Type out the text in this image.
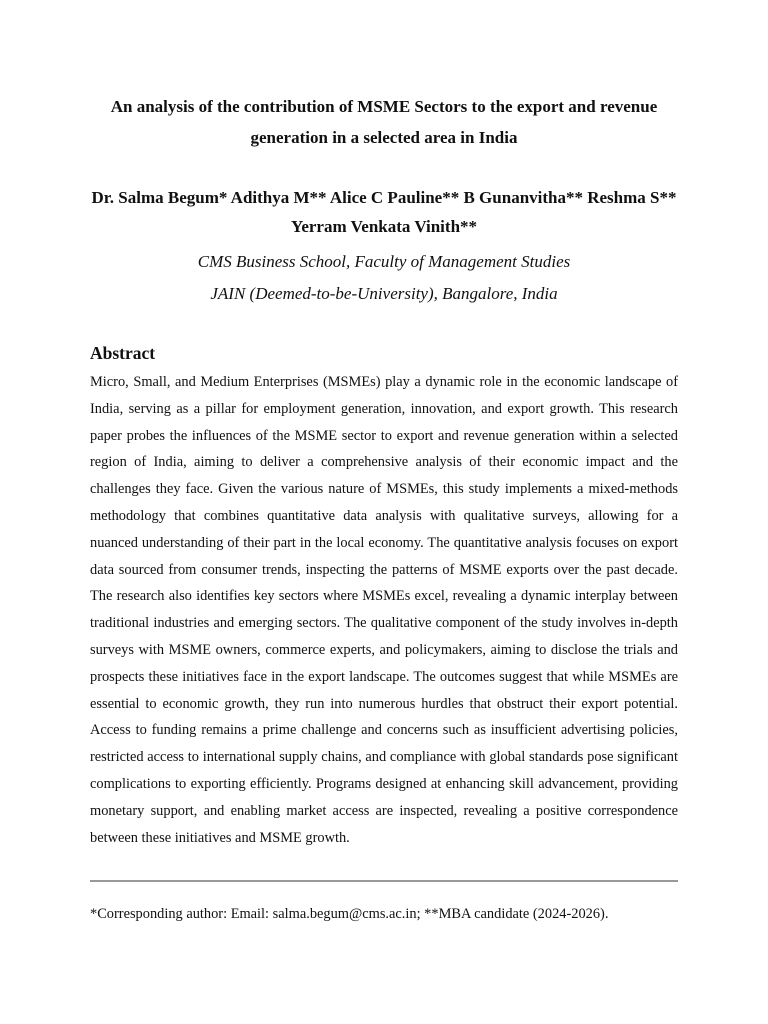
An analysis of the contribution of MSME Sectors to the export and revenue generation in a selected area in India
Dr. Salma Begum* Adithya M** Alice C Pauline** B Gunanvitha** Reshma S** Yerram Venkata Vinith**
CMS Business School, Faculty of Management Studies
JAIN (Deemed-to-be-University), Bangalore, India
Abstract
Micro, Small, and Medium Enterprises (MSMEs) play a dynamic role in the economic landscape of India, serving as a pillar for employment generation, innovation, and export growth. This research paper probes the influences of the MSME sector to export and revenue generation within a selected region of India, aiming to deliver a comprehensive analysis of their economic impact and the challenges they face. Given the various nature of MSMEs, this study implements a mixed-methods methodology that combines quantitative data analysis with qualitative surveys, allowing for a nuanced understanding of their part in the local economy. The quantitative analysis focuses on export data sourced from consumer trends, inspecting the patterns of MSME exports over the past decade. The research also identifies key sectors where MSMEs excel, revealing a dynamic interplay between traditional industries and emerging sectors. The qualitative component of the study involves in-depth surveys with MSME owners, commerce experts, and policymakers, aiming to disclose the trials and prospects these initiatives face in the export landscape. The outcomes suggest that while MSMEs are essential to economic growth, they run into numerous hurdles that obstruct their export potential. Access to funding remains a prime challenge and concerns such as insufficient advertising policies, restricted access to international supply chains, and compliance with global standards pose significant complications to exporting efficiently. Programs designed at enhancing skill advancement, providing monetary support, and enabling market access are inspected, revealing a positive correspondence between these initiatives and MSME growth.
*Corresponding author: Email: salma.begum@cms.ac.in; **MBA candidate (2024-2026).
